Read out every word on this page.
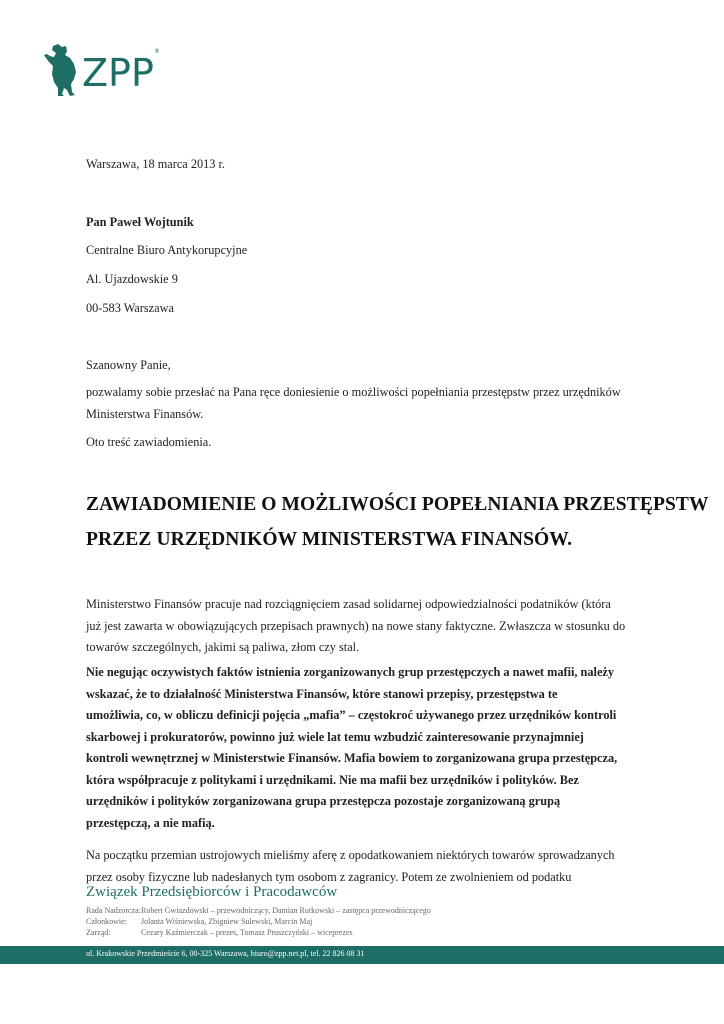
ZPP ®
Warszawa, 18 marca 2013 r.
Pan Paweł Wojtunik
Centralne Biuro Antykorupcyjne
Al. Ujazdowskie 9
00-583 Warszawa
Szanowny Panie,
pozwalamy sobie przesłać na Pana ręce doniesienie o możliwości popełniania przestępstw przez urzędników
Ministerstwa Finansów.
Oto treść zawiadomienia.
ZAWIADOMIENIE O MOŻLIWOŚCI POPEŁNIANIA PRZESTĘPSTW
PRZEZ URZĘDNIKÓW MINISTERSTWA FINANSÓW.
Ministerstwo Finansów pracuje nad rozciągnięciem zasad solidarnej odpowiedzialności podatników (która
już jest zawarta w obowiązujących przepisach prawnych) na nowe stany faktyczne. Zwłaszcza w stosunku do
towarów szczególnych, jakimi są paliwa, złom czy stal.
Nie negując oczywistych faktów istnienia zorganizowanych grup przestępczych a nawet mafii, należy
wskazać, że to działalność Ministerstwa Finansów, które stanowi przepisy, przestępstwa te
umożliwia, co, w obliczu definicji pojęcia „mafia” – częstokroć używanego przez urzędników kontroli
skarbowej i prokuratorów, powinno już wiele lat temu wzbudzić zainteresowanie przynajmniej
kontroli wewnętrznej w Ministerstwie Finansów. Mafia bowiem to zorganizowana grupa przestępcza,
która współpracuje z politykami i urzędnikami. Nie ma mafii bez urzędników i polityków. Bez
urzędników i polityków zorganizowana grupa przestępcza pozostaje zorganizowaną grupą
przestępczą, a nie mafią.
Na początku przemian ustrojowych mieliśmy aferę z opodatkowaniem niektórych towarów sprowadzanych
przez osoby fizyczne lub nadesłanych tym osobom z zagranicy. Potem ze zwolnieniem od podatku
Związek Przedsiębiorców i Pracodawców
Rada Nadzorcza:Robert Gwiazdowski – przewodniczący, Damian Rutkowski – zastępca przewodniczącego
Członkowie: Jolanta Wiśniewska, Zbigniew Sulewski, Marcin Maj
Zarząd:	Cezary Kaźmierczak – prezes, Tomasz Pruszczyński – wiceprezes
ul. Krakowskie Przedmieście 6, 00-325 Warszawa, biuro@zpp.net.pl, tel. 22 826 08 31
